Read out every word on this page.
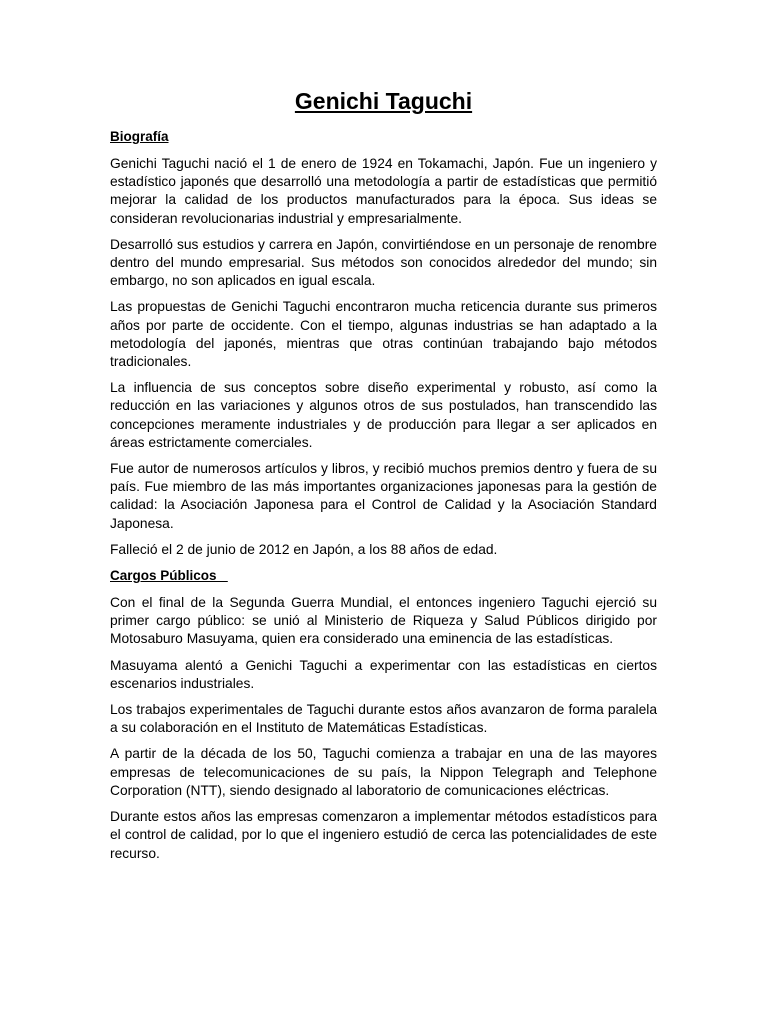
Genichi Taguchi
Biografía

Genichi Taguchi nació el 1 de enero de 1924 en Tokamachi, Japón. Fue un ingeniero y estadístico japonés que desarrolló una metodología a partir de estadísticas que permitió mejorar la calidad de los productos manufacturados para la época. Sus ideas se consideran revolucionarias industrial y empresarialmente.

Desarrolló sus estudios y carrera en Japón, convirtiéndose en un personaje de renombre dentro del mundo empresarial. Sus métodos son conocidos alrededor del mundo; sin embargo, no son aplicados en igual escala.

Las propuestas de Genichi Taguchi encontraron mucha reticencia durante sus primeros años por parte de occidente. Con el tiempo, algunas industrias se han adaptado a la metodología del japonés, mientras que otras continúan trabajando bajo métodos tradicionales.

La influencia de sus conceptos sobre diseño experimental y robusto, así como la reducción en las variaciones y algunos otros de sus postulados, han transcendido las concepciones meramente industriales y de producción para llegar a ser aplicados en áreas estrictamente comerciales.

Fue autor de numerosos artículos y libros, y recibió muchos premios dentro y fuera de su país. Fue miembro de las más importantes organizaciones japonesas para la gestión de calidad: la Asociación Japonesa para el Control de Calidad y la Asociación Standard Japonesa.

Falleció el 2 de junio de 2012 en Japón, a los 88 años de edad.

Cargos Públicos

Con el final de la Segunda Guerra Mundial, el entonces ingeniero Taguchi ejerció su primer cargo público: se unió al Ministerio de Riqueza y Salud Públicos dirigido por Motosaburo Masuyama, quien era considerado una eminencia de las estadísticas.

Masuyama alentó a Genichi Taguchi a experimentar con las estadísticas en ciertos escenarios industriales.

Los trabajos experimentales de Taguchi durante estos años avanzaron de forma paralela a su colaboración en el Instituto de Matemáticas Estadísticas.

A partir de la década de los 50, Taguchi comienza a trabajar en una de las mayores empresas de telecomunicaciones de su país, la Nippon Telegraph and Telephone Corporation (NTT), siendo designado al laboratorio de comunicaciones eléctricas.

Durante estos años las empresas comenzaron a implementar métodos estadísticos para el control de calidad, por lo que el ingeniero estudió de cerca las potencialidades de este recurso.
